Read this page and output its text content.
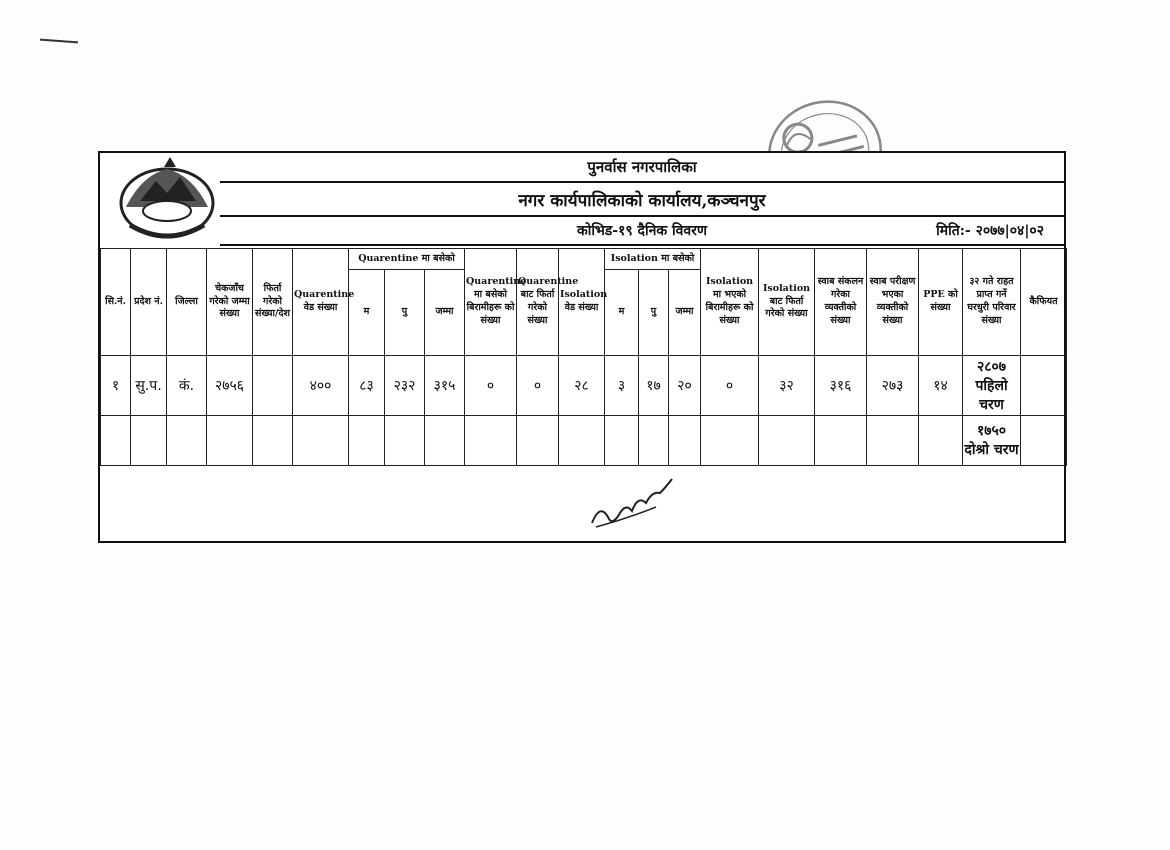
पुनर्वास नगरपालिका
नगर कार्यपालिकाको कार्यालय,कञ्चनपुर
कोभिड-१९ दैनिक विवरण	मिति:- २०७७|०४|०२
सि.नं.	प्रदेश नं.	जिल्ला	चेकजाँच गरेको जम्मा संख्या	फिर्ता गरेको संख्या/देश	Quarentine वेड संख्या	Quarentine मा बसेको			Quarentine मा बसेको बिरामीहरू को संख्या	Quarentine बाट फिर्ता गरेको संख्या	Isolation वेड संख्या	Isolation मा बसेको			Isolation मा भएको बिरामीहरू को संख्या	Isolation बाट फिर्ता गरेको संख्या	स्वाब संकलन गरेका व्यक्तीको संख्या	स्वाब परीक्षण भएका व्यक्तीको संख्या	PPE को संख्या	३२ गते राहत प्राप्त गर्ने घरधुरी परिवार संख्या	कैफियत
						म	पु	जम्मा				म	पु	जम्मा							
१	सु.प.	कं.	२७५६		४००	८३	२३२	३१५	०	०	२८	३	१७	२०	०	३२	३१६	२७३	१४	२८०७ पहिलो चरण	
																				१७५० दोश्रो चरण	
